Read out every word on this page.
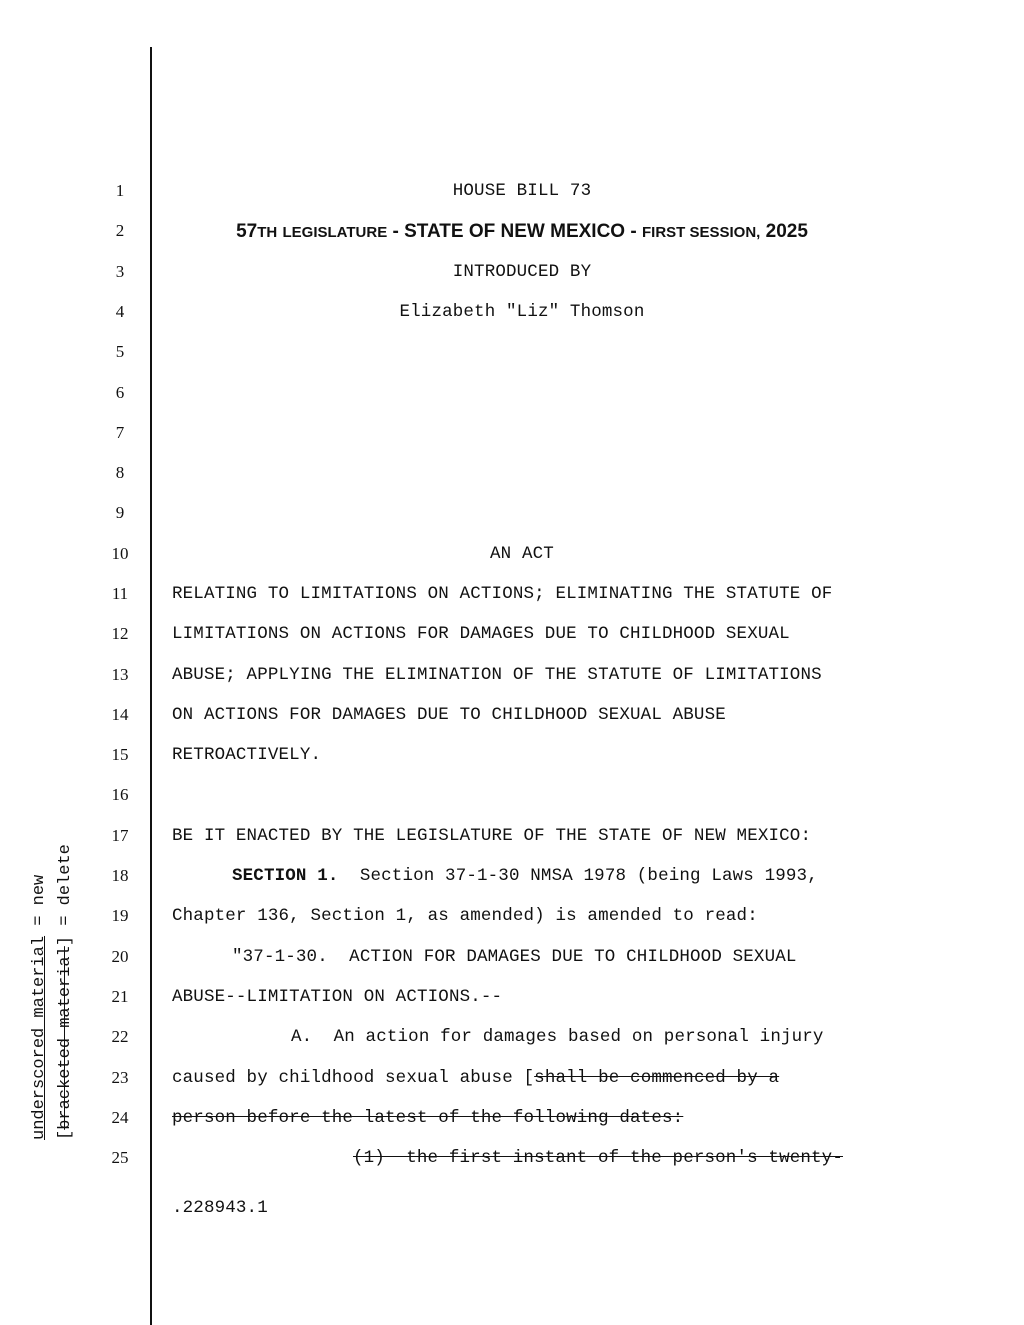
1
2
3
4
5
6
7
8
9
10
11
12
13
14
15
16
17
18
19
20
21
22
23
24
25
HOUSE BILL 73
57TH LEGISLATURE - STATE OF NEW MEXICO - FIRST SESSION, 2025
INTRODUCED BY
Elizabeth "Liz" Thomson
AN ACT
RELATING TO LIMITATIONS ON ACTIONS; ELIMINATING THE STATUTE OF
LIMITATIONS ON ACTIONS FOR DAMAGES DUE TO CHILDHOOD SEXUAL
ABUSE; APPLYING THE ELIMINATION OF THE STATUTE OF LIMITATIONS
ON ACTIONS FOR DAMAGES DUE TO CHILDHOOD SEXUAL ABUSE
RETROACTIVELY.
BE IT ENACTED BY THE LEGISLATURE OF THE STATE OF NEW MEXICO:
SECTION 1.  Section 37-1-30 NMSA 1978 (being Laws 1993,
Chapter 136, Section 1, as amended) is amended to read:
"37-1-30.  ACTION FOR DAMAGES DUE TO CHILDHOOD SEXUAL
ABUSE--LIMITATION ON ACTIONS.--
A.  An action for damages based on personal injury
caused by childhood sexual abuse [shall be commenced by a
person before the latest of the following dates:
(1)  the first instant of the person's twenty-
.228943.1
underscored material = new
[bracketed material] = delete
